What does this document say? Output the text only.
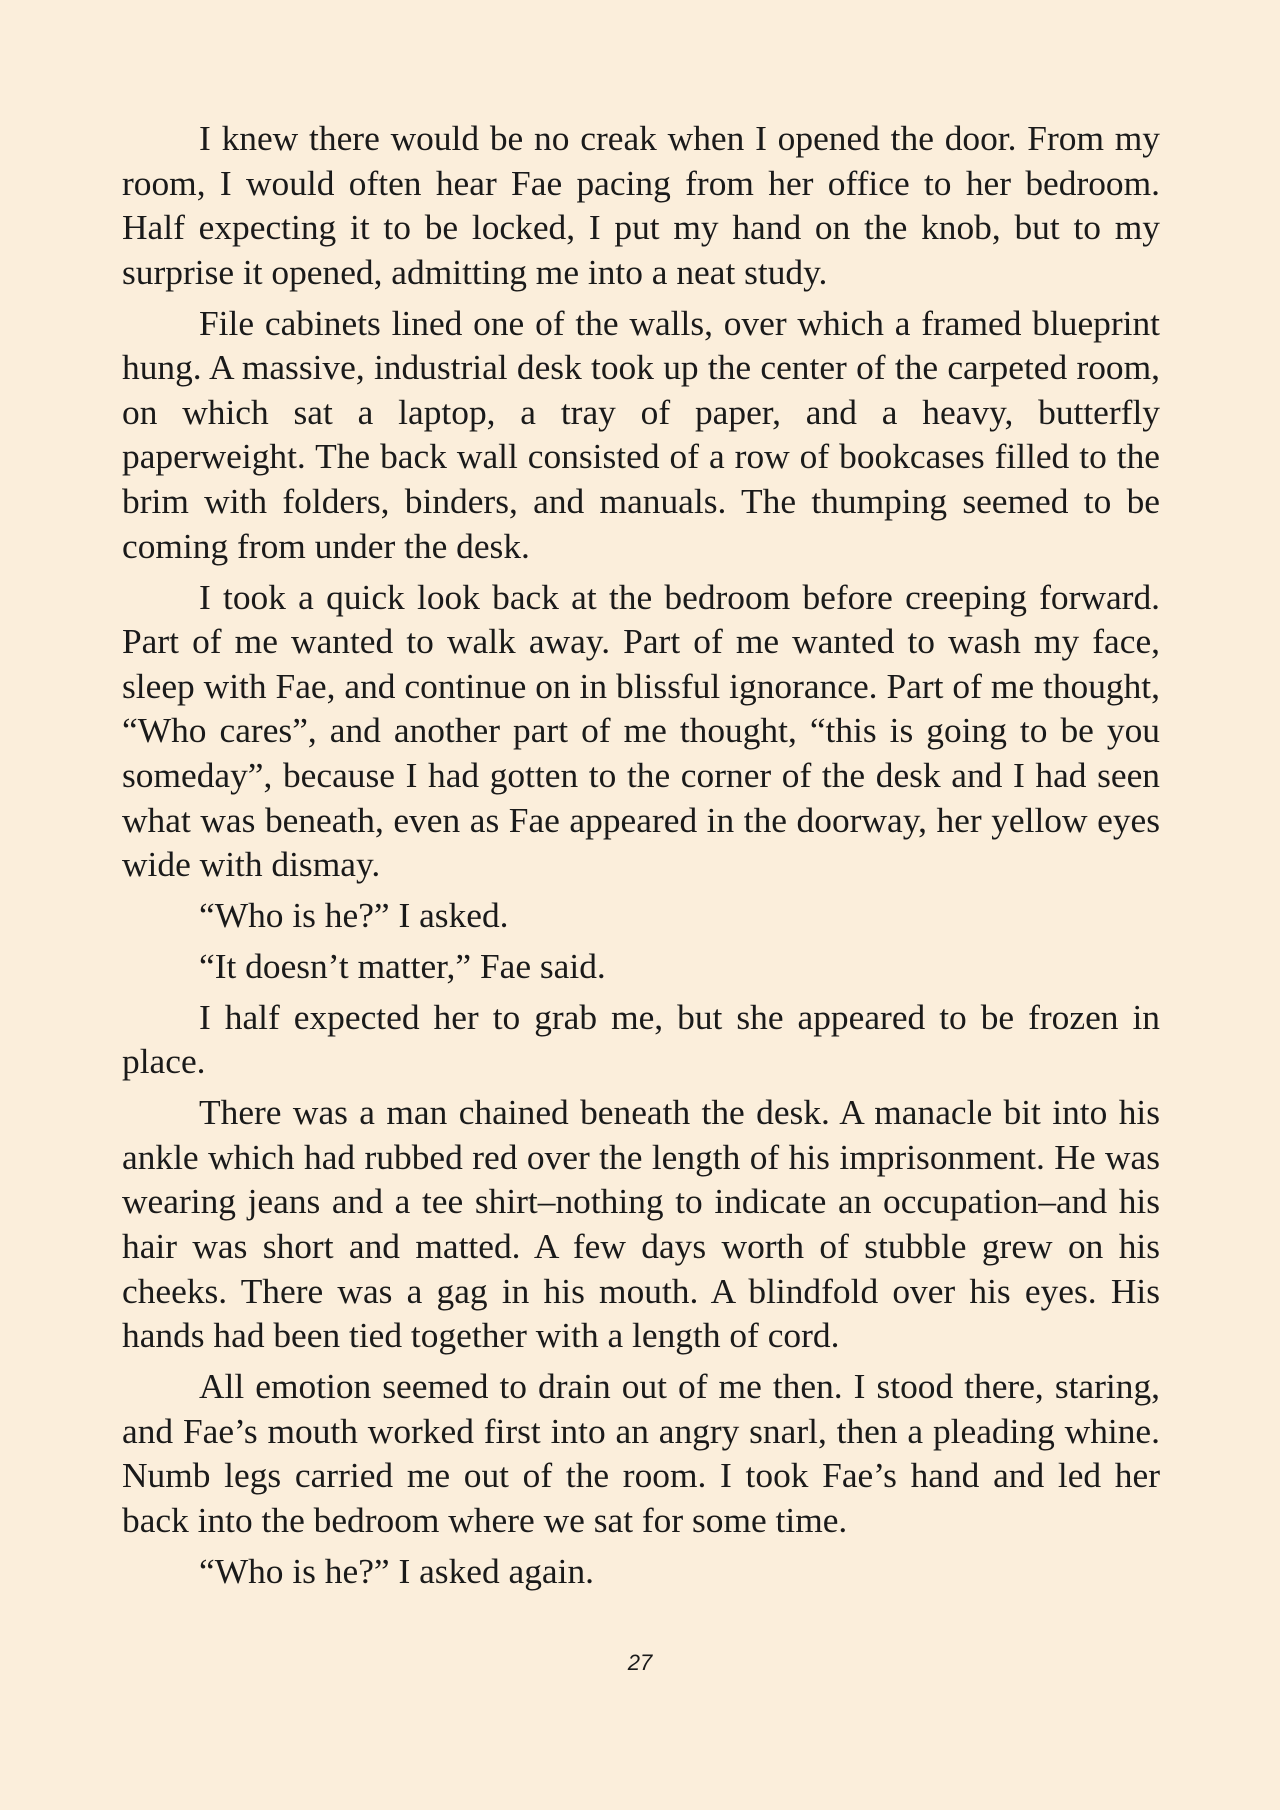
I knew there would be no creak when I opened the door. From my room, I would often hear Fae pacing from her office to her bedroom. Half expecting it to be locked, I put my hand on the knob, but to my surprise it opened, admitting me into a neat study.

File cabinets lined one of the walls, over which a framed blueprint hung. A massive, industrial desk took up the center of the carpeted room, on which sat a laptop, a tray of paper, and a heavy, butterfly paperweight. The back wall consisted of a row of bookcases filled to the brim with folders, binders, and manuals. The thumping seemed to be coming from under the desk.

I took a quick look back at the bedroom before creeping forward. Part of me wanted to walk away. Part of me wanted to wash my face, sleep with Fae, and continue on in blissful ignorance. Part of me thought, “Who cares”, and another part of me thought, “this is going to be you someday”, because I had gotten to the corner of the desk and I had seen what was beneath, even as Fae appeared in the doorway, her yellow eyes wide with dismay.

“Who is he?” I asked.

“It doesn’t matter,” Fae said.

I half expected her to grab me, but she appeared to be frozen in place.

There was a man chained beneath the desk. A manacle bit into his ankle which had rubbed red over the length of his imprisonment. He was wearing jeans and a tee shirt–nothing to indicate an occupation–and his hair was short and matted. A few days worth of stubble grew on his cheeks. There was a gag in his mouth. A blindfold over his eyes. His hands had been tied together with a length of cord.

All emotion seemed to drain out of me then. I stood there, staring, and Fae’s mouth worked first into an angry snarl, then a pleading whine. Numb legs carried me out of the room. I took Fae’s hand and led her back into the bedroom where we sat for some time.

“Who is he?” I asked again.

27
